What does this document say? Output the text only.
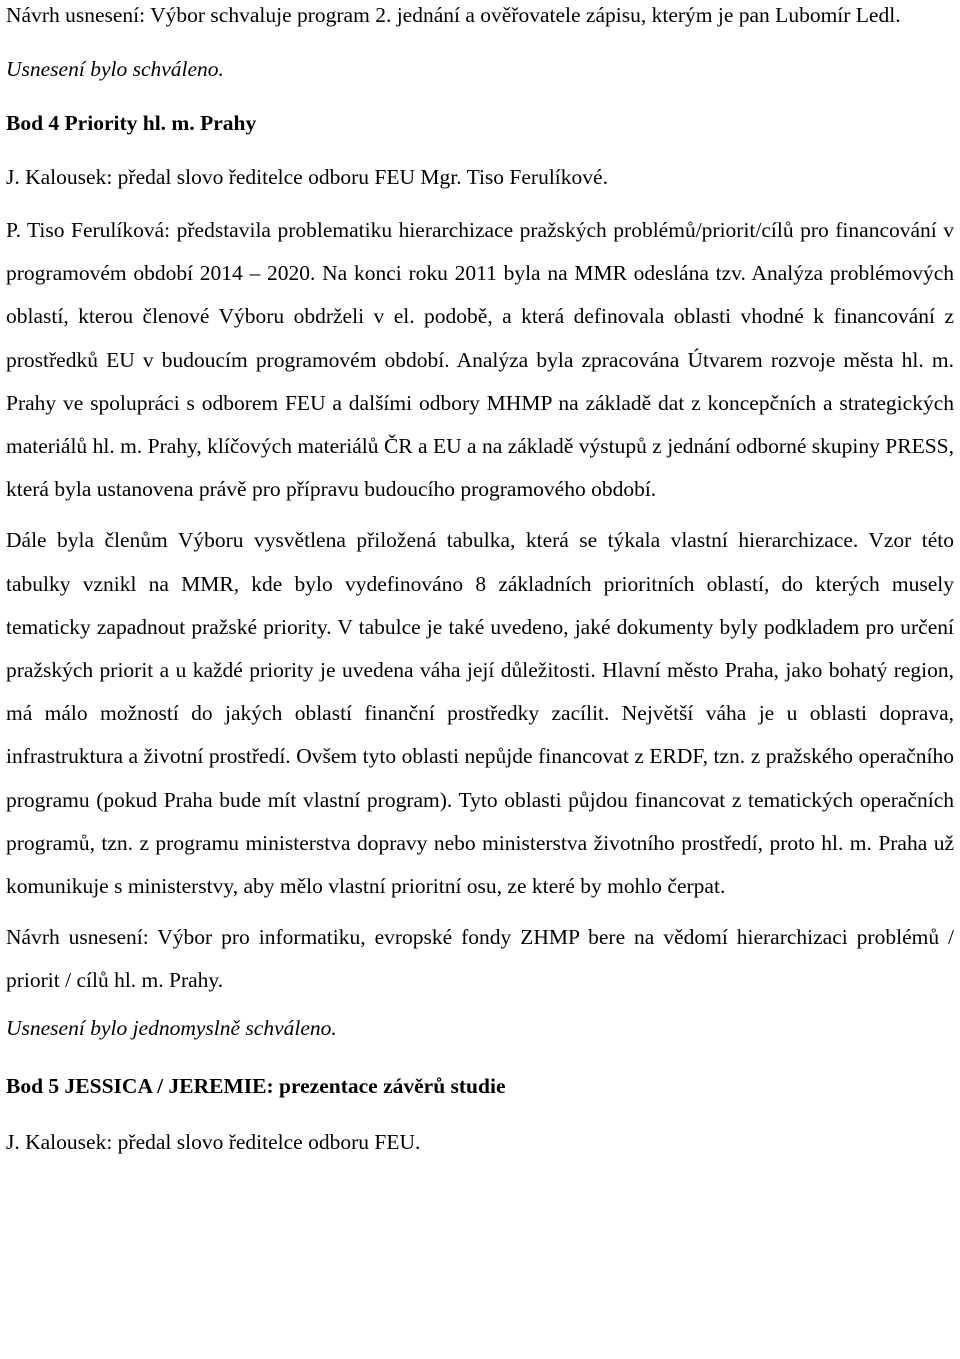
Návrh usnesení: Výbor schvaluje program 2. jednání a ověřovatele zápisu, kterým je pan Lubomír Ledl.

Usnesení bylo schváleno.

Bod 4 Priority hl. m. Prahy

J. Kalousek: předal slovo ředitelce odboru FEU Mgr. Tiso Ferulíkové.

P. Tiso Ferulíková: představila problematiku hierarchizace pražských problémů/priorit/cílů pro financování v programovém období 2014 – 2020. Na konci roku 2011 byla na MMR odeslána tzv. Analýza problémových oblastí, kterou členové Výboru obdrželi v el. podobě, a která definovala oblasti vhodné k financování z prostředků EU v budoucím programovém období. Analýza byla zpracována Útvarem rozvoje města hl. m. Prahy ve spolupráci s odborem FEU a dalšími odbory MHMP na základě dat z koncepčních a strategických materiálů hl. m. Prahy, klíčových materiálů ČR a EU a na základě výstupů z jednání odborné skupiny PRESS, která byla ustanovena právě pro přípravu budoucího programového období.

Dále byla členům Výboru vysvětlena přiložená tabulka, která se týkala vlastní hierarchizace. Vzor této tabulky vznikl na MMR, kde bylo vydefinováno 8 základních prioritních oblastí, do kterých musely tematicky zapadnout pražské priority. V tabulce je také uvedeno, jaké dokumenty byly podkladem pro určení pražských priorit a u každé priority je uvedena váha její důležitosti. Hlavní město Praha, jako bohatý region, má málo možností do jakých oblastí finanční prostředky zacílit. Největší váha je u oblasti doprava, infrastruktura a životní prostředí. Ovšem tyto oblasti nepůjde financovat z ERDF, tzn. z pražského operačního programu (pokud Praha bude mít vlastní program). Tyto oblasti půjdou financovat z tematických operačních programů, tzn. z programu ministerstva dopravy nebo ministerstva životního prostředí, proto hl. m. Praha už komunikuje s ministerstvy, aby mělo vlastní prioritní osu, ze které by mohlo čerpat.

Návrh usnesení: Výbor pro informatiku, evropské fondy ZHMP bere na vědomí hierarchizaci problémů / priorit / cílů hl. m. Prahy.

Usnesení bylo jednomyslně schváleno.

Bod 5 JESSICA / JEREMIE: prezentace závěrů studie

J. Kalousek: předal slovo ředitelce odboru FEU.
